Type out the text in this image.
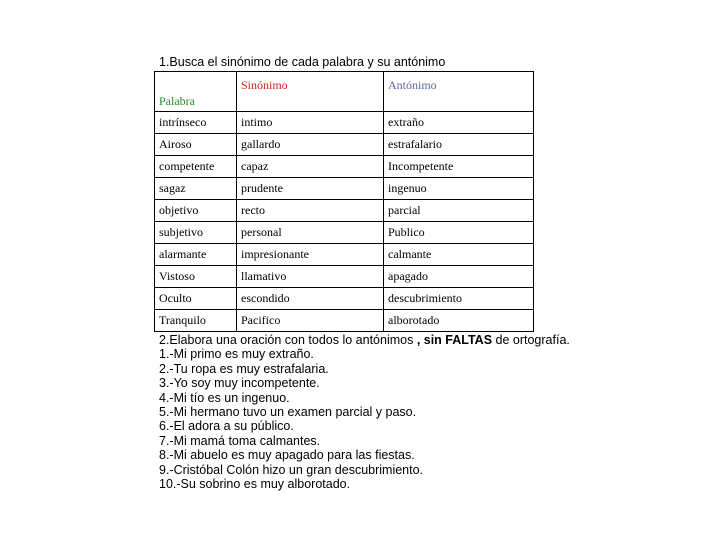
1.Busca el sinónimo de cada palabra y su antónimo
Palabra	Sinónimo	Antónimo

intrínseco	intimo	extraño
Airoso	gallardo	estrafalario
competente	capaz	Incompetente
sagaz	prudente	ingenuo
objetivo	recto	parcial
subjetivo	personal	Publico
alarmante	impresionante	calmante
Vistoso	llamativo	apagado
Oculto	escondido	descubrimiento
Tranquilo	Pacifico	alborotado
2.Elabora una oración con todos lo antónimos , sin FALTAS de ortografía.
1.-Mi primo es muy extraño.
2.-Tu ropa es muy estrafalaria.
3.-Yo soy muy incompetente.
4.-Mi tío es un ingenuo.
5.-Mi hermano tuvo un examen parcial y paso.
6.-El adora a su público.
7.-Mi mamá toma calmantes.
8.-Mi abuelo es muy apagado para las fiestas.
9.-Cristóbal Colón hizo un gran descubrimiento.
10.-Su sobrino es muy alborotado.
